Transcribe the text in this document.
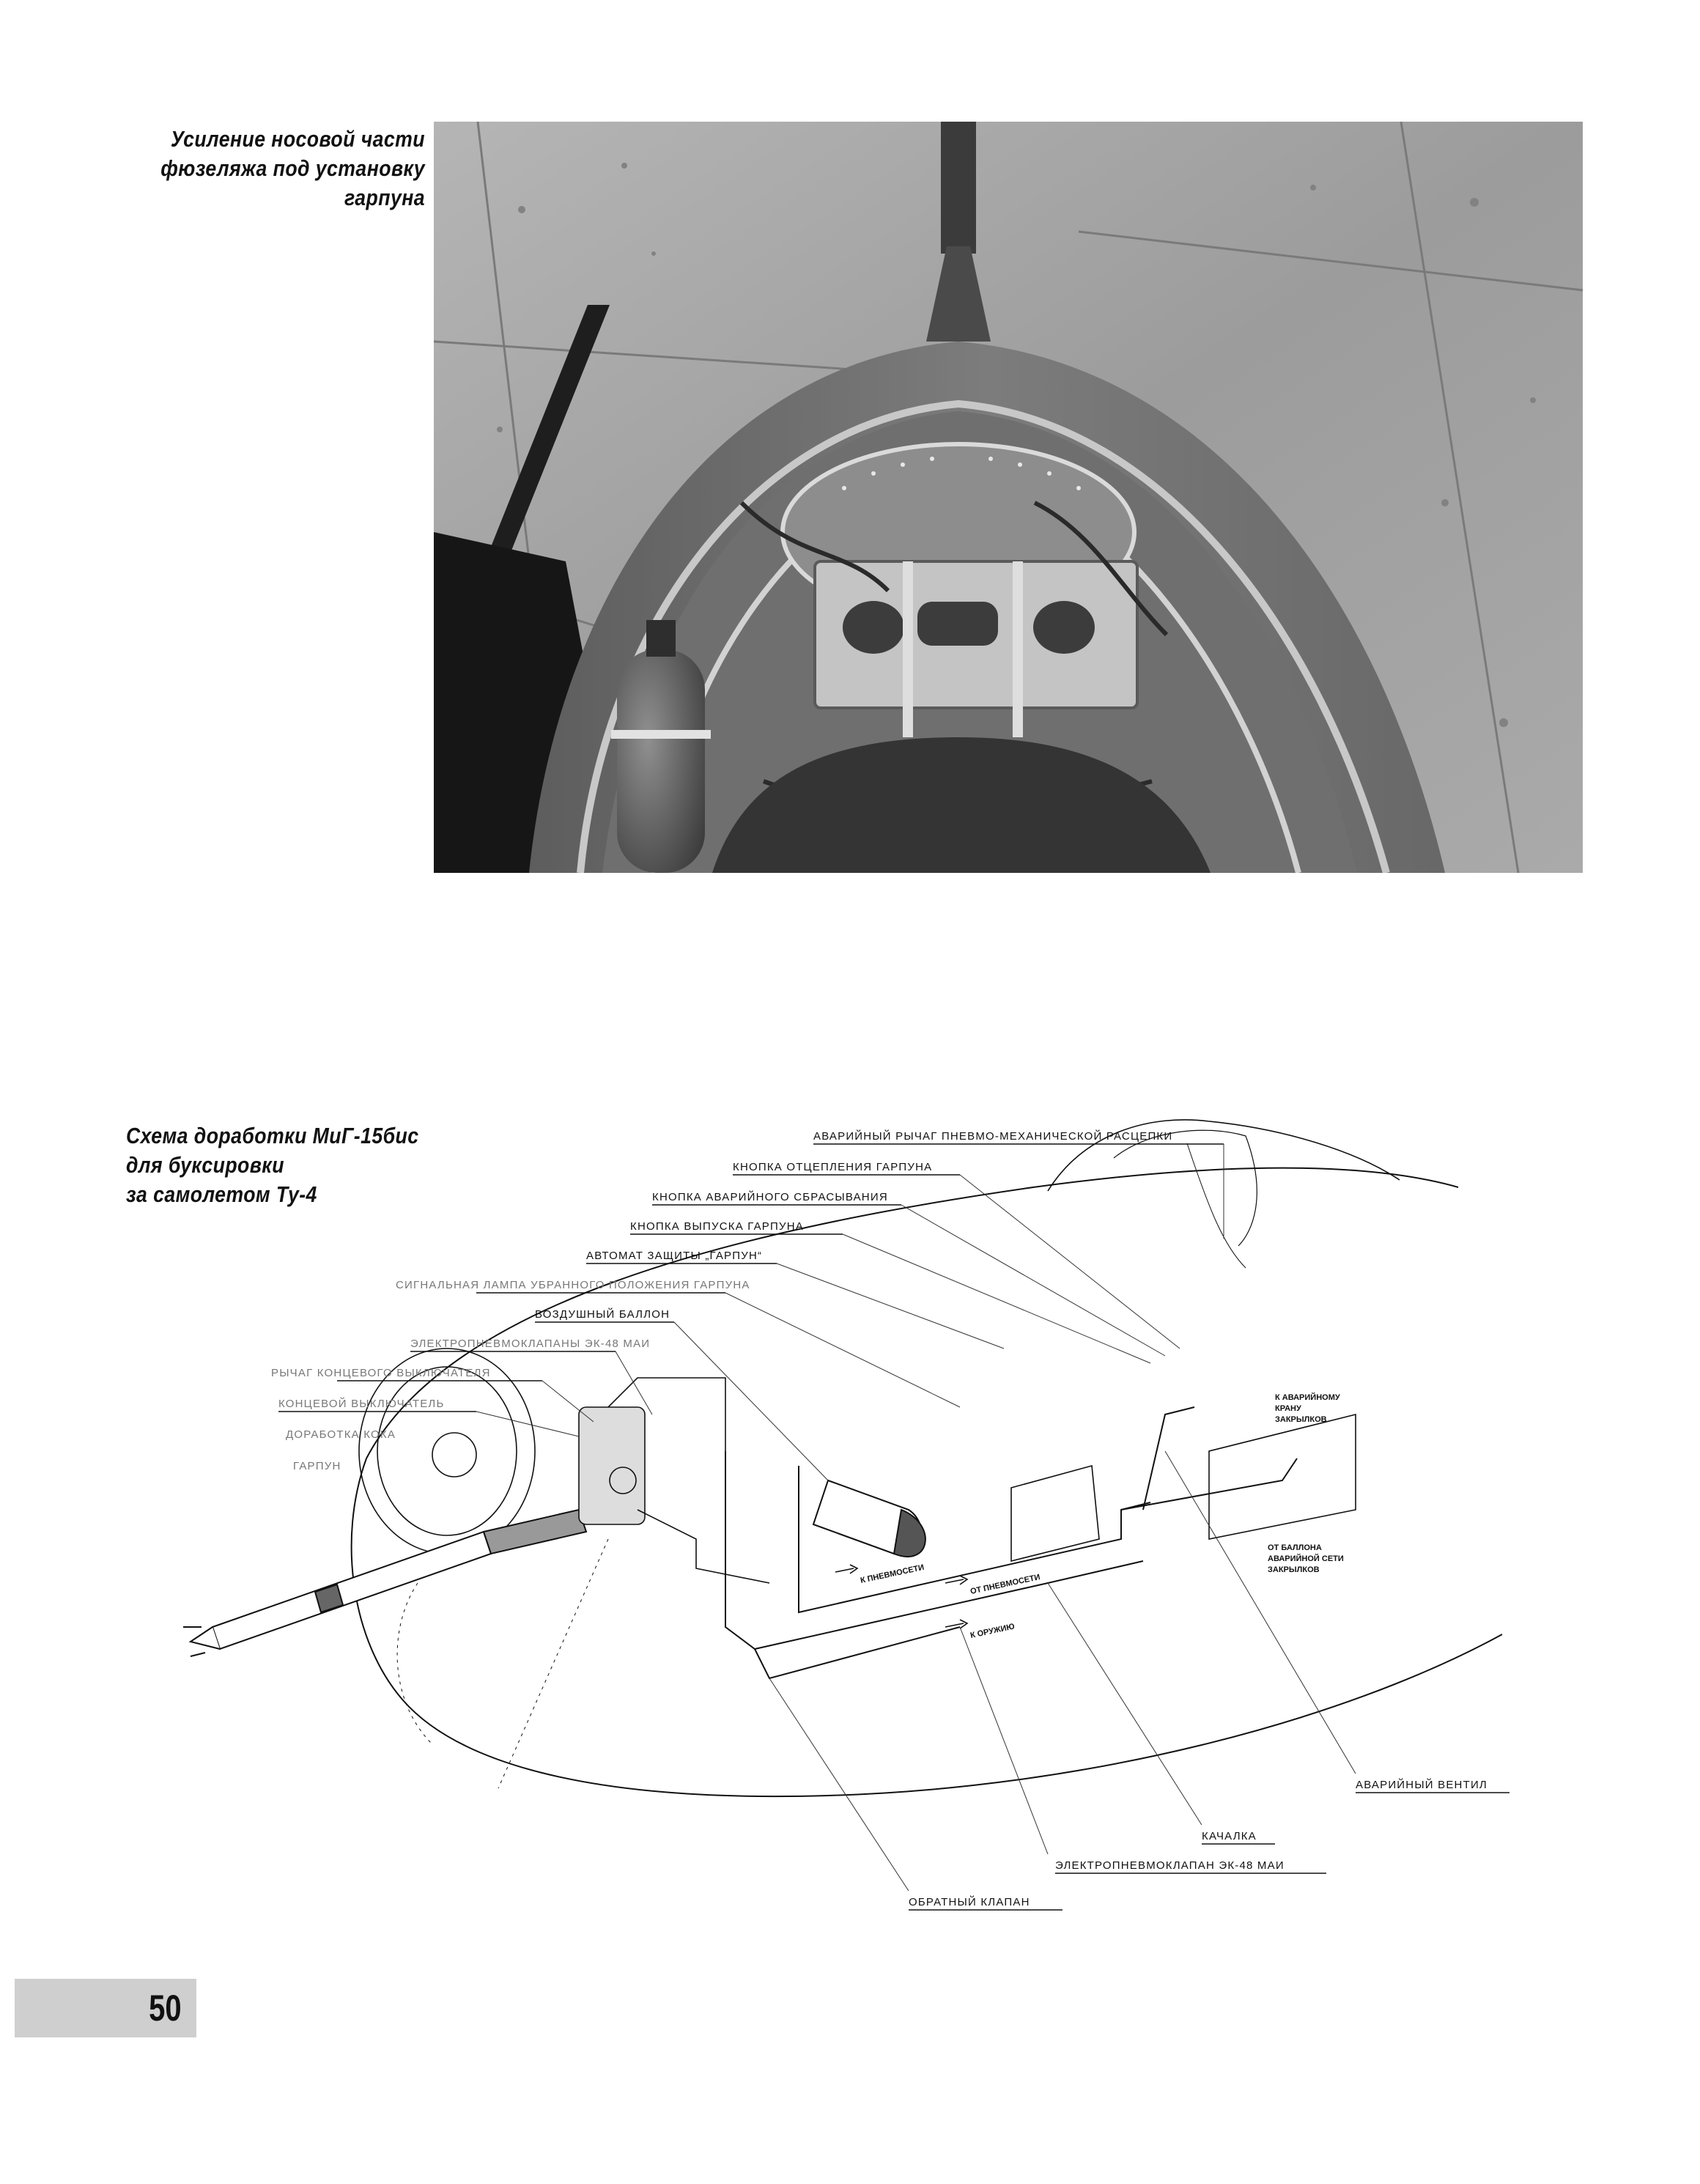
Усиление носовой части
фюзеляжа под установку
гарпуна
Схема доработки МиГ-15бис
для буксировки
за самолетом Ту-4
АВАРИЙНЫЙ РЫЧАГ ПНЕВМО-МЕХАНИЧЕСКОЙ РАСЦЕПКИ
КНОПКА ОТЦЕПЛЕНИЯ ГАРПУНА
КНОПКА АВАРИЙНОГО СБРАСЫВАНИЯ
КНОПКА ВЫПУСКА ГАРПУНА
АВТОМАТ ЗАЩИТЫ „ГАРПУН“
СИГНАЛЬНАЯ ЛАМПА УБРАННОГО ПОЛОЖЕНИЯ ГАРПУНА
ВОЗДУШНЫЙ БАЛЛОН
ЭЛЕКТРОПНЕВМОКЛАПАНЫ ЭК-48 МАИ
РЫЧАГ КОНЦЕВОГО ВЫКЛЮЧАТЕЛЯ
КОНЦЕВОЙ ВЫКЛЮЧАТЕЛЬ
ДОРАБОТКА КОКА
ГАРПУН
К АВАРИЙНОМУ
КРАНУ
ЗАКРЫЛКОВ
ОТ БАЛЛОНА
АВАРИЙНОЙ СЕТИ
ЗАКРЫЛКОВ
К ПНЕВМОСЕТИ	ОТ ПНЕВМОСЕТИ
К ОРУЖИЮ
АВАРИЙНЫЙ ВЕНТИЛ
КАЧАЛКА
ЭЛЕКТРОПНЕВМОКЛАПАН ЭК-48 МАИ
ОБРАТНЫЙ КЛАПАН
50
